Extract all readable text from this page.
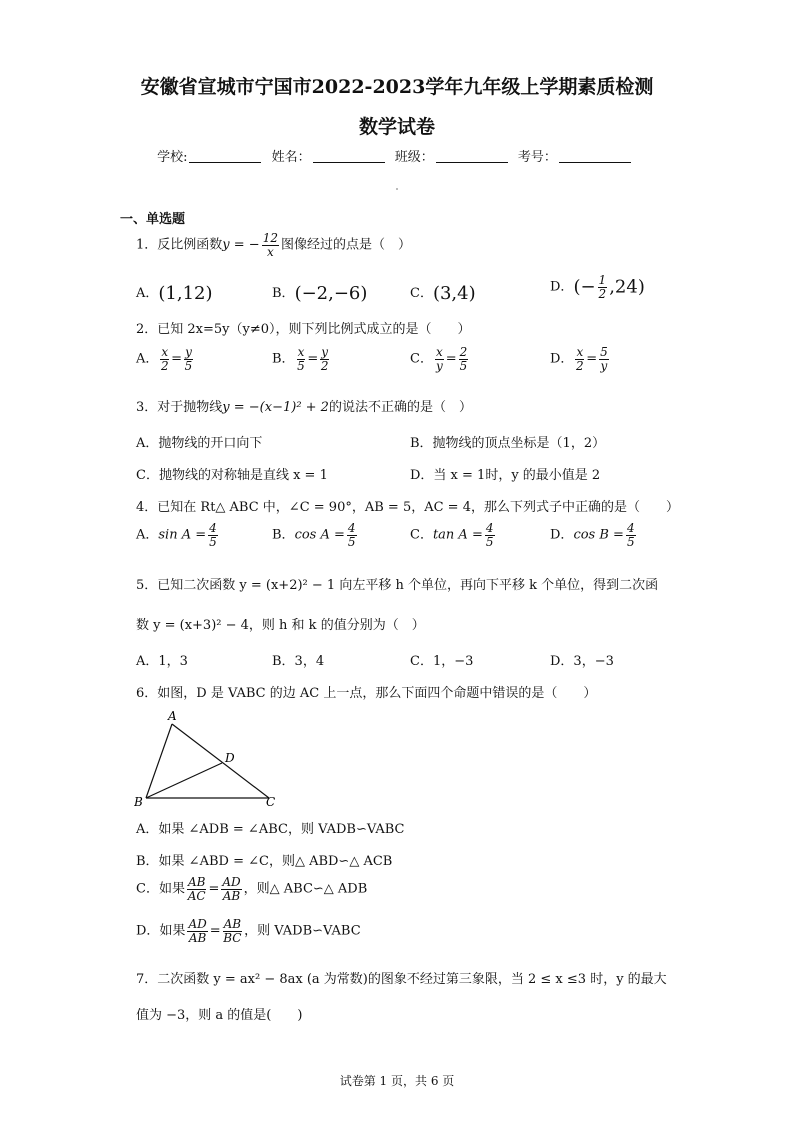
安徽省宣城市宁国市2022-2023学年九年级上学期素质检测
数学试卷
学校:	姓名：	班级：	考号：
一、单选题
1．反比例函数y = − $\frac{12}{x}$ 图像经过的点是（　）
A．(1,12)	B．(−2,−6)	C．(3,4)	D．(− $\frac{1}{2} ,24$)
2．已知 2x=5y（y≠0），则下列比例式成立的是（　　）
A． $\frac{x}{2} = \frac{y}{5}$	B． $\frac{x}{5} = \frac{y}{2}$	C． $\frac{x}{y} = \frac{2}{5}$	D． $\frac{x}{2} = \frac{5}{y}$
3．对于抛物线y = −(x−1)² + 2的说法不正确的是（　）
A．抛物线的开口向下	B．抛物线的顶点坐标是（1，2）
C．抛物线的对称轴是直线 x = 1	D．当 x = 1时，y 的最小值是 2
4．已知在 Rt△ ABC 中，∠C = 90°，AB = 5，AC = 4，那么下列式子中正确的是（　　）
A．$\sin A = \frac{4}{5}$	B．$\cos A = \frac{4}{5}$	C．$\tan A = \frac{4}{5}$	D．$\cos B = \frac{4}{5}$
5．已知二次函数 y = (x+2)² − 1 向左平移 h 个单位，再向下平移 k 个单位，得到二次函
数 y = (x+3)² − 4，则 h 和 k 的值分别为（　）
A．1，3	B．3，4	C．1，−3	D．3，−3
6．如图，D 是 VABC 的边 AC 上一点，那么下面四个命题中错误的是（　　）
A
B	C
D
A．如果 ∠ADB = ∠ABC，则 VADB∽VABC
B．如果 ∠ABD = ∠C，则△ ABD∽△ ACB
C．如果 $\frac{AB}{AC} = \frac{AD}{AB}$ ，则△ ABC∽△ ADB
D．如果 $\frac{AD}{AB} = \frac{AB}{BC}$ ，则 VADB∽VABC
7．二次函数 y = ax² − 8ax (a 为常数)的图象不经过第三象限，当 2 ≤ x ≤3 时，y 的最大
值为 −3，则 a 的值是(　　)
试卷第 1 页，共 6 页
